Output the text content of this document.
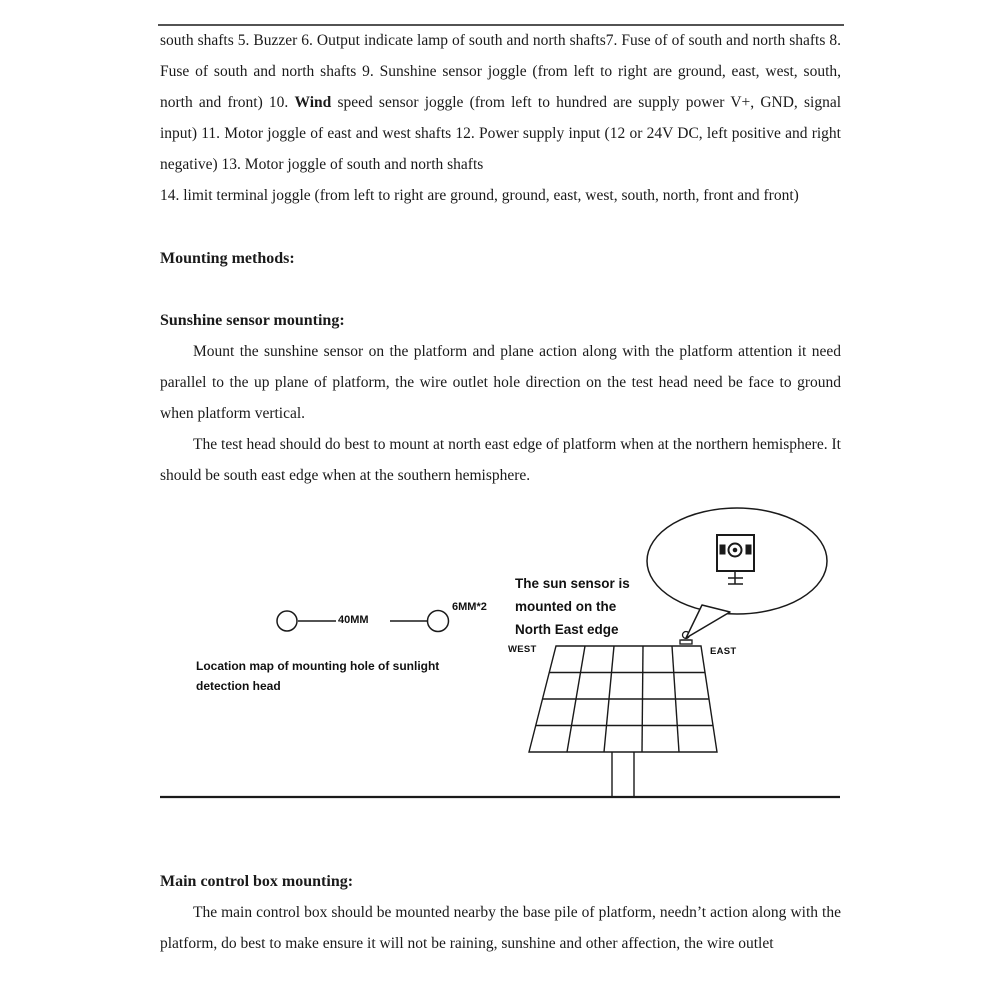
south shafts 5. Buzzer 6. Output indicate lamp of south and north shafts7. Fuse of of south and north shafts 8. Fuse of south and north shafts 9. Sunshine sensor joggle (from left to right are ground, east, west, south, north and front) 10. Wind speed sensor joggle (from left to hundred are supply power V+, GND, signal input) 11. Motor joggle of east and west shafts 12. Power supply input (12 or 24V DC, left positive and right negative) 13. Motor joggle of south and north shafts

14. limit terminal joggle (from left to right are ground, ground, east, west, south, north, front and front)

Mounting methods:
Sunshine sensor mounting:

Mount the sunshine sensor on the platform and plane action along with the platform attention it need parallel to the up plane of platform, the wire outlet hole direction on the test head need be face to ground when platform vertical.

The test head should do best to mount at north east edge of platform when at the northern hemisphere. It should be south east edge when at the southern hemisphere.

The sun sensor is
mounted on the
North East edge
Location map of mounting hole of sunlight
detection head
WEST	EAST
40MM
6MM*2
Main control box mounting:

The main control box should be mounted nearby the base pile of platform, needn’t action along with the platform, do best to make ensure it will not be raining, sunshine and other affection, the wire outlet
